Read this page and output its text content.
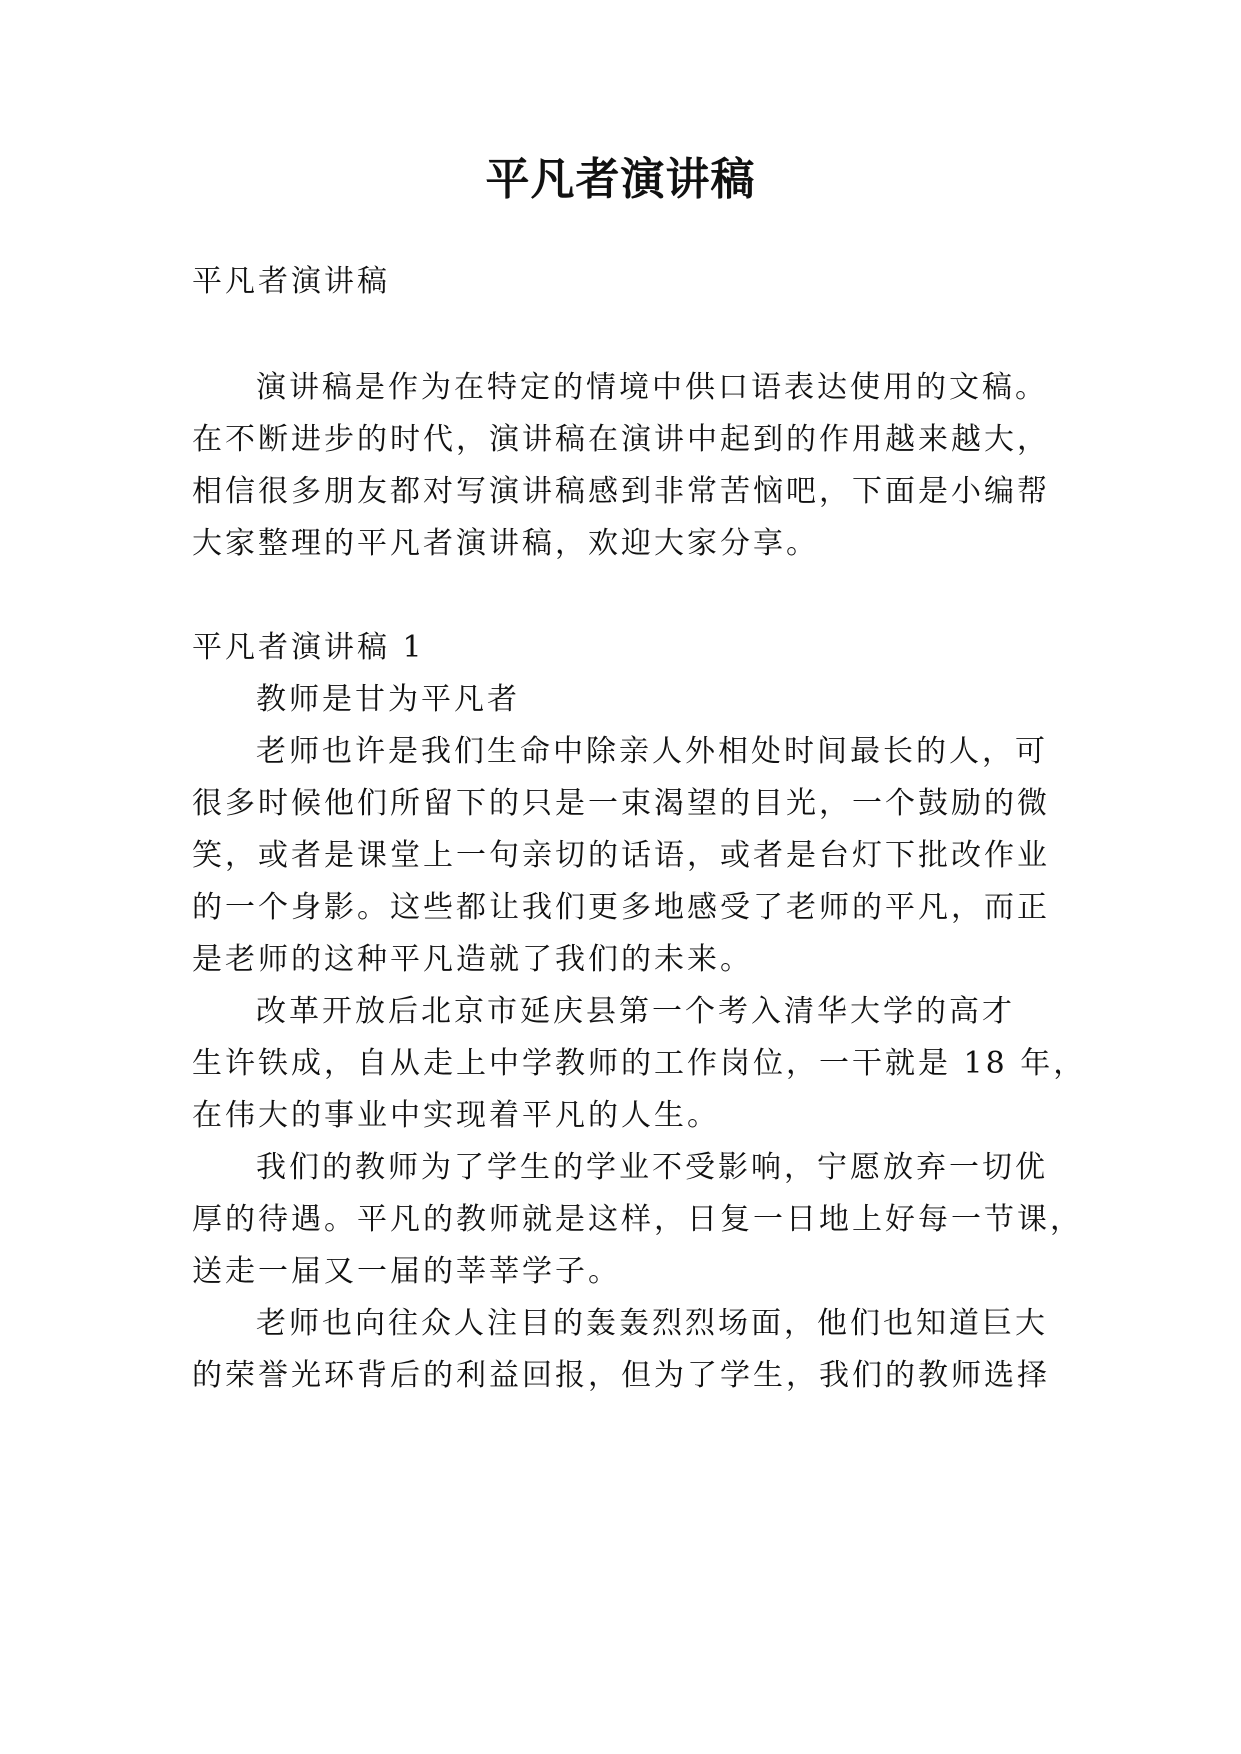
平凡者演讲稿
平凡者演讲稿
演讲稿是作为在特定的情境中供口语表达使用的文稿。
在不断进步的时代，演讲稿在演讲中起到的作用越来越大，
相信很多朋友都对写演讲稿感到非常苦恼吧，下面是小编帮
大家整理的平凡者演讲稿，欢迎大家分享。
平凡者演讲稿 1
教师是甘为平凡者
老师也许是我们生命中除亲人外相处时间最长的人，可
很多时候他们所留下的只是一束渴望的目光，一个鼓励的微
笑，或者是课堂上一句亲切的话语，或者是台灯下批改作业
的一个身影。这些都让我们更多地感受了老师的平凡，而正
是老师的这种平凡造就了我们的未来。
改革开放后北京市延庆县第一个考入清华大学的高才
生许铁成，自从走上中学教师的工作岗位，一干就是 18 年，
在伟大的事业中实现着平凡的人生。
我们的教师为了学生的学业不受影响，宁愿放弃一切优
厚的待遇。平凡的教师就是这样，日复一日地上好每一节课，
送走一届又一届的莘莘学子。
老师也向往众人注目的轰轰烈烈场面，他们也知道巨大
的荣誉光环背后的利益回报，但为了学生，我们的教师选择
